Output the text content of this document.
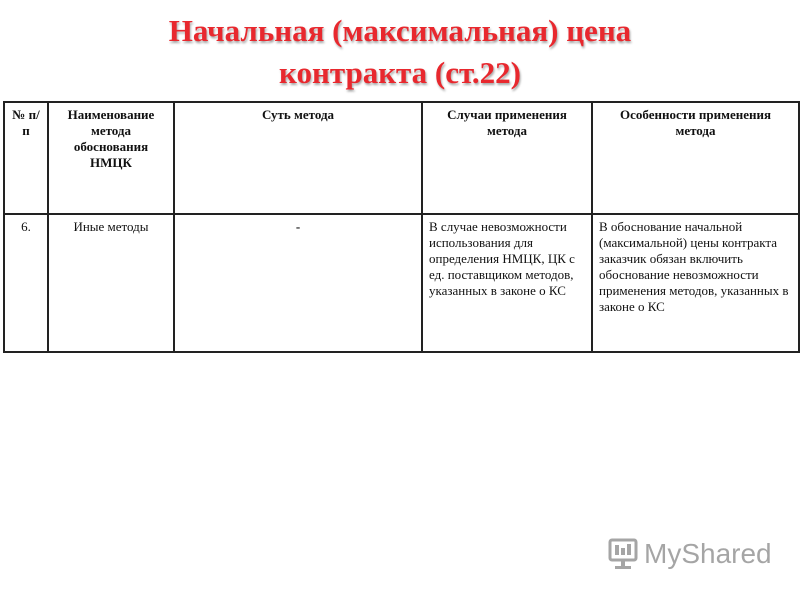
Начальная (максимальная) цена
контракта (ст.22)
№ п/п	Наименование метода обоснования НМЦК	Суть метода	Случаи применения метода	Особенности применения метода
6.	Иные методы	-	В случае невозможности использования для определения НМЦК, ЦК с ед. поставщиком методов, указанных в законе о КС	В обоснование начальной (максимальной) цены контракта заказчик обязан включить обоснование невозможности применения методов, указанных в законе о КС
MyShared
